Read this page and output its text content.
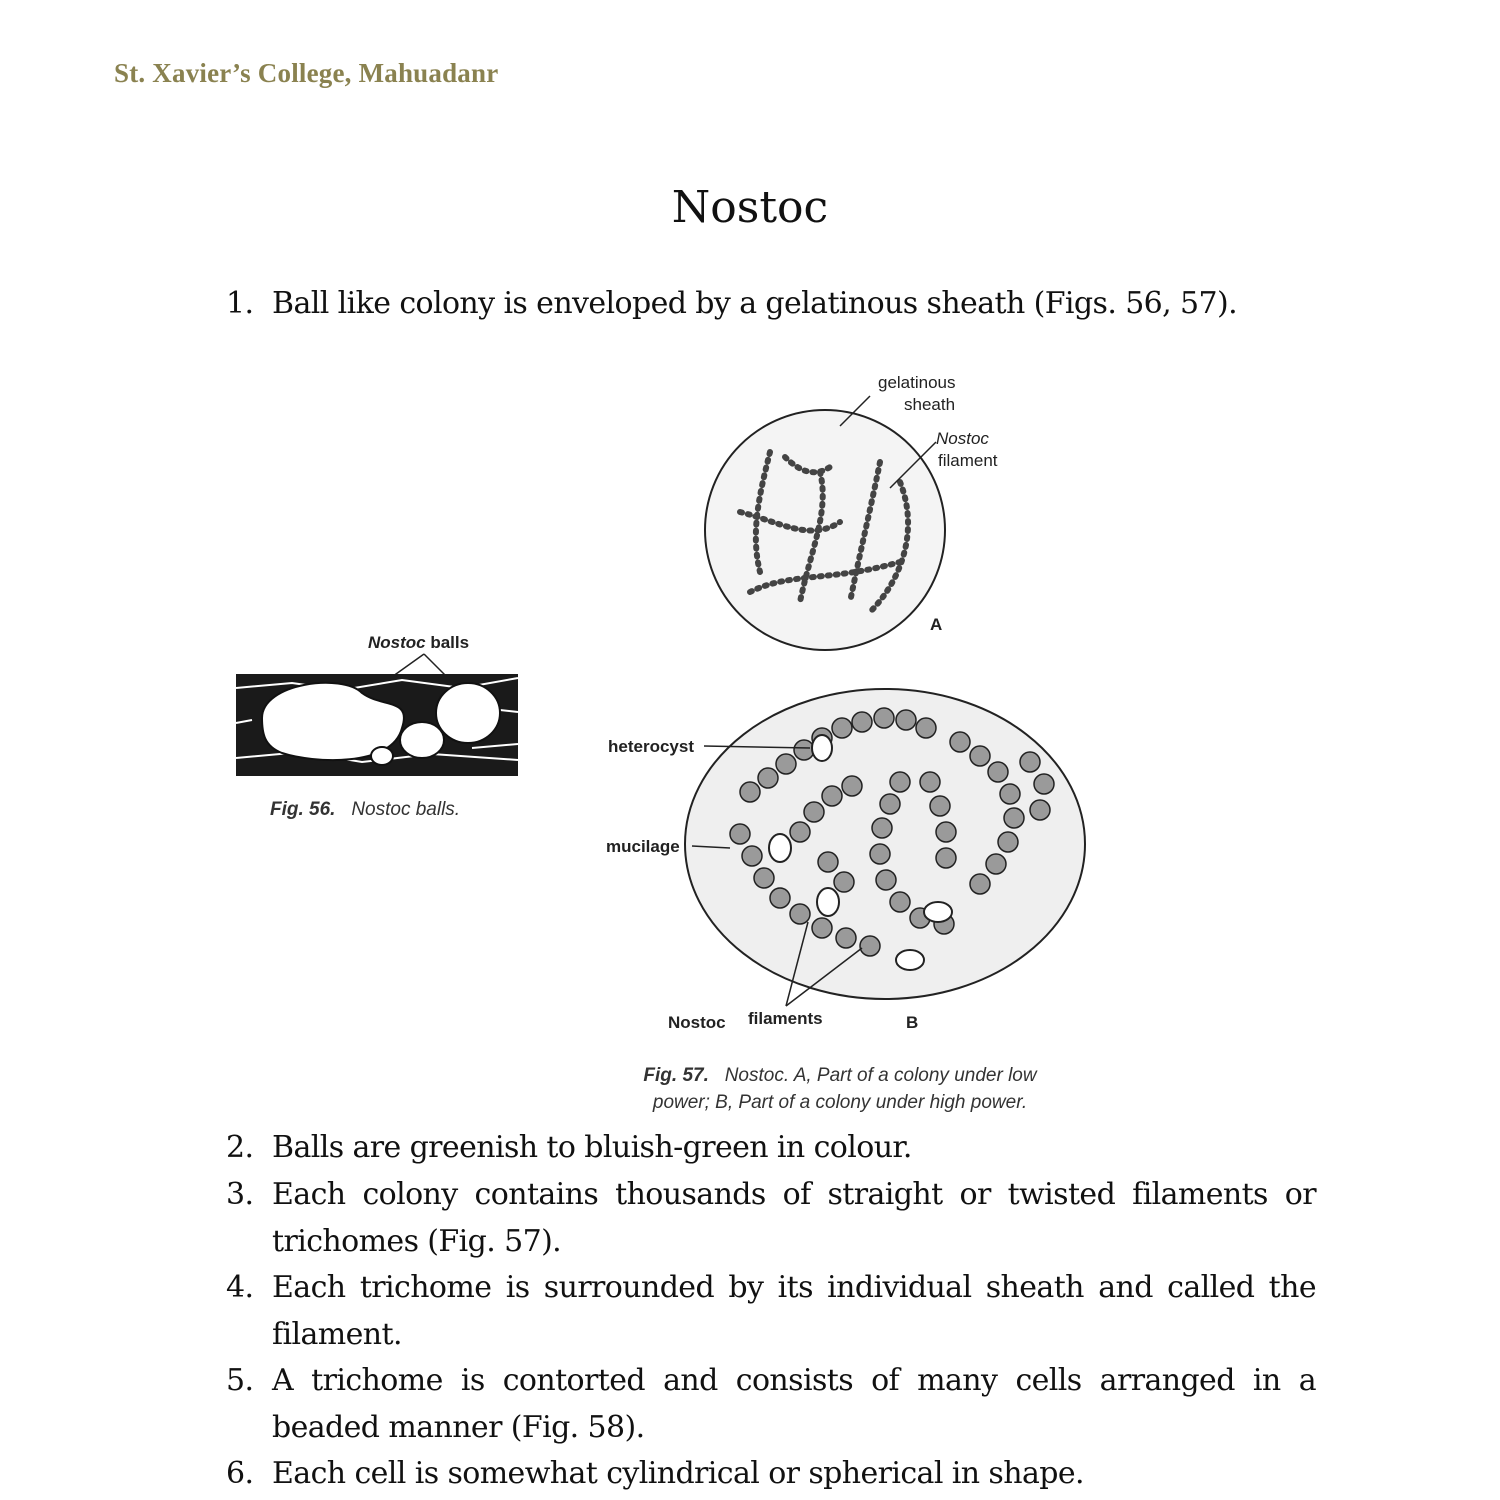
St. Xavier’s College, Mahuadanr
Nostoc
1. Ball like colony is enveloped by a gelatinous sheath (Figs. 56, 57).
Nostoc balls
Fig. 56. Nostoc balls.
gelatinous
sheath
Nostoc
filament
A
heterocyst
mucilage
Nostoc filaments	B
Fig. 57. Nostoc. A, Part of a colony under low
power; B, Part of a colony under high power.
2. Balls are greenish to bluish-green in colour.
3. Each colony contains thousands of straight or twisted filaments or trichomes (Fig. 57).
4. Each trichome is surrounded by its individual sheath and called the filament.
5. A trichome is contorted and consists of many cells arranged in a beaded manner (Fig. 58).
6. Each cell is somewhat cylindrical or spherical in shape.
